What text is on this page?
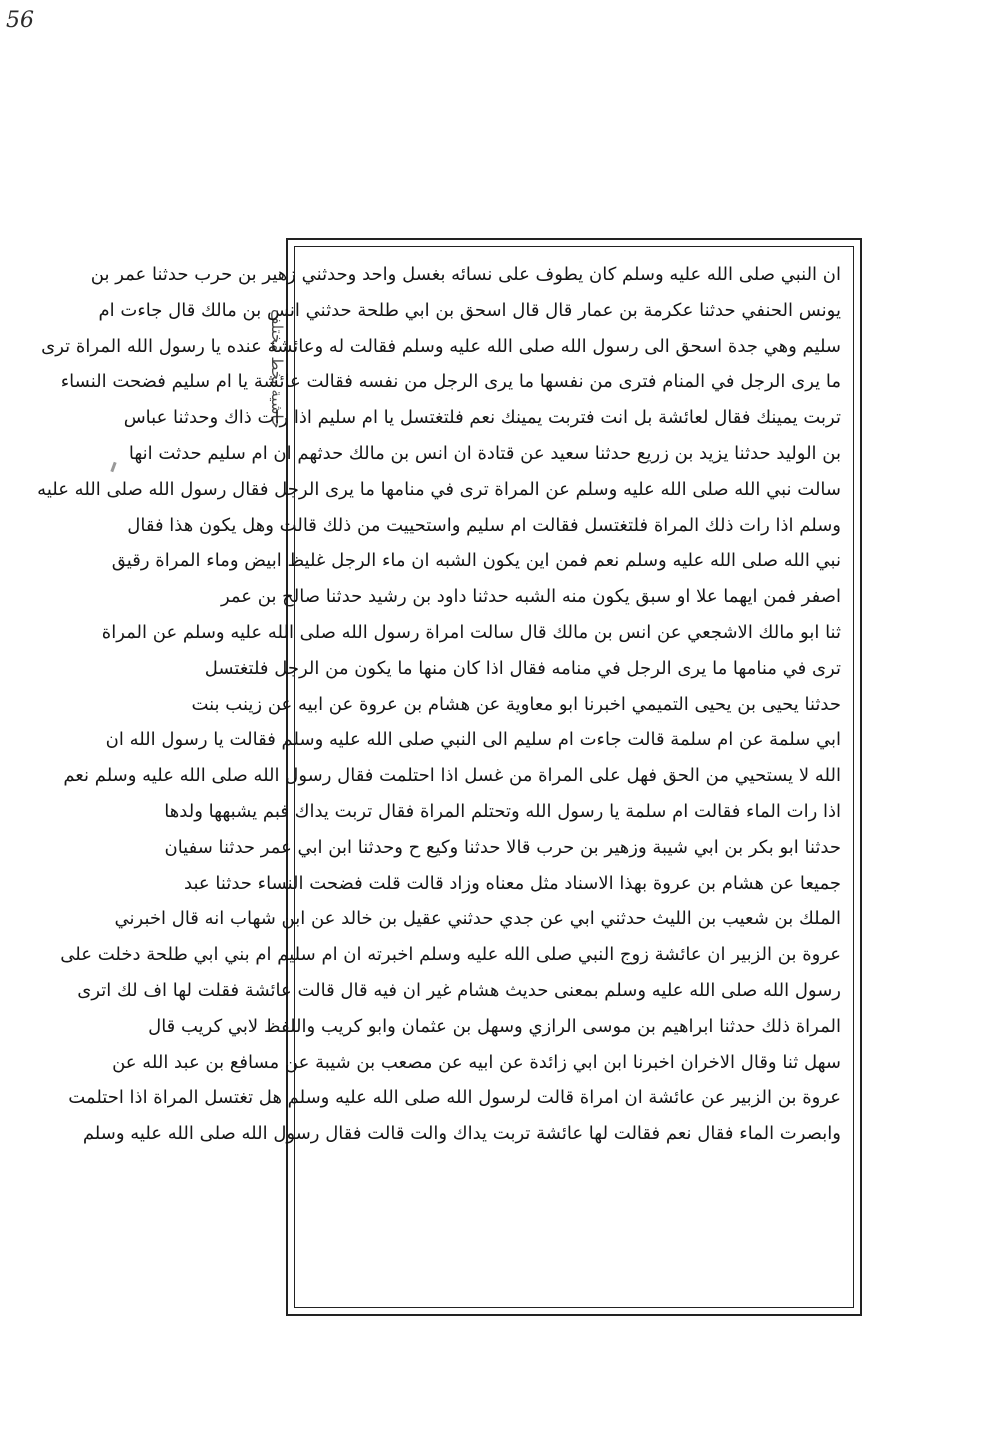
56
حاشية بخط مختلف
ان النبي صلى الله عليه وسلم كان يطوف على نسائه بغسل واحد وحدثني زهير بن حرب حدثنا عمر بن
يونس الحنفي حدثنا عكرمة بن عمار قال قال اسحق بن ابي طلحة حدثني انس بن مالك قال جاءت ام
سليم وهي جدة اسحق الى رسول الله صلى الله عليه وسلم فقالت له وعائشة عنده يا رسول الله المراة ترى
ما يرى الرجل في المنام فترى من نفسها ما يرى الرجل من نفسه فقالت عائشة يا ام سليم فضحت النساء
تربت يمينك فقال لعائشة بل انت فتربت يمينك نعم فلتغتسل يا ام سليم اذا رات ذاك وحدثنا عباس
بن الوليد حدثنا يزيد بن زريع حدثنا سعيد عن قتادة ان انس بن مالك حدثهم ان ام سليم حدثت انها
سالت نبي الله صلى الله عليه وسلم عن المراة ترى في منامها ما يرى الرجل فقال رسول الله صلى الله عليه
وسلم اذا رات ذلك المراة فلتغتسل فقالت ام سليم واستحييت من ذلك قالت وهل يكون هذا فقال
نبي الله صلى الله عليه وسلم نعم فمن اين يكون الشبه ان ماء الرجل غليظ ابيض وماء المراة رقيق
اصفر فمن ايهما علا او سبق يكون منه الشبه حدثنا داود بن رشيد حدثنا صالح بن عمر
ثنا ابو مالك الاشجعي عن انس بن مالك قال سالت امراة رسول الله صلى الله عليه وسلم عن المراة
ترى في منامها ما يرى الرجل في منامه فقال اذا كان منها ما يكون من الرجل فلتغتسل
حدثنا يحيى بن يحيى التميمي اخبرنا ابو معاوية عن هشام بن عروة عن ابيه عن زينب بنت
ابي سلمة عن ام سلمة قالت جاءت ام سليم الى النبي صلى الله عليه وسلم فقالت يا رسول الله ان
الله لا يستحيي من الحق فهل على المراة من غسل اذا احتلمت فقال رسول الله صلى الله عليه وسلم نعم
اذا رات الماء فقالت ام سلمة يا رسول الله وتحتلم المراة فقال تربت يداك فبم يشبهها ولدها
حدثنا ابو بكر بن ابي شيبة وزهير بن حرب قالا حدثنا وكيع ح وحدثنا ابن ابي عمر حدثنا سفيان
جميعا عن هشام بن عروة بهذا الاسناد مثل معناه وزاد قالت قلت فضحت النساء حدثنا عبد
الملك بن شعيب بن الليث حدثني ابي عن جدي حدثني عقيل بن خالد عن ابن شهاب انه قال اخبرني
عروة بن الزبير ان عائشة زوج النبي صلى الله عليه وسلم اخبرته ان ام سليم ام بني ابي طلحة دخلت على
رسول الله صلى الله عليه وسلم بمعنى حديث هشام غير ان فيه قال قالت عائشة فقلت لها اف لك اترى
المراة ذلك حدثنا ابراهيم بن موسى الرازي وسهل بن عثمان وابو كريب واللفظ لابي كريب قال
سهل ثنا وقال الاخران اخبرنا ابن ابي زائدة عن ابيه عن مصعب بن شيبة عن مسافع بن عبد الله عن
عروة بن الزبير عن عائشة ان امراة قالت لرسول الله صلى الله عليه وسلم هل تغتسل المراة اذا احتلمت
وابصرت الماء فقال نعم فقالت لها عائشة تربت يداك والت قالت فقال رسول الله صلى الله عليه وسلم
